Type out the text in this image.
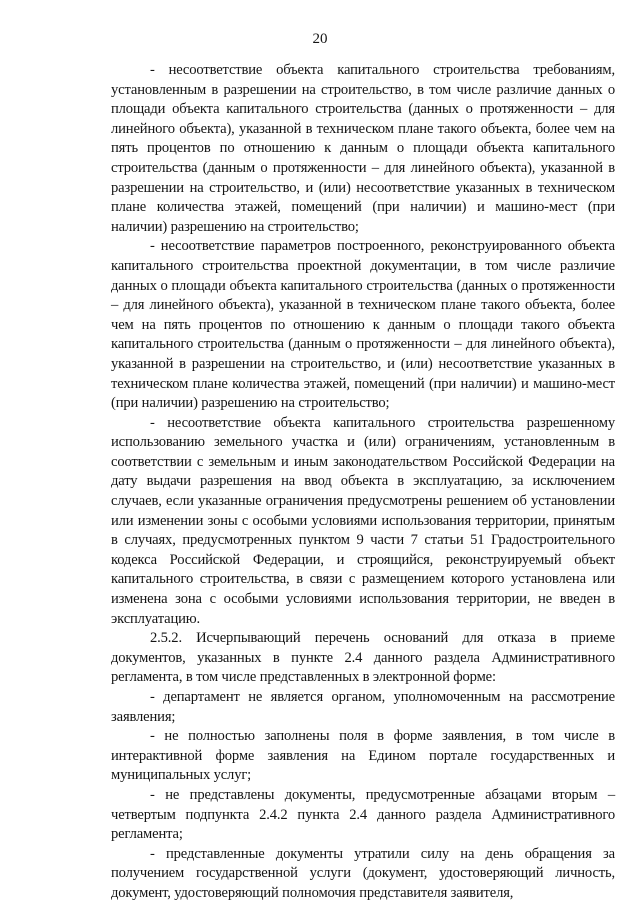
20

- несоответствие объекта капитального строительства требованиям, установленным в разрешении на строительство, в том числе различие данных о площади объекта капитального строительства (данных о протяженности – для линейного объекта), указанной в техническом плане такого объекта, более чем на пять процентов по отношению к данным о площади объекта капитального строительства (данным о протяженности – для линейного объекта), указанной в разрешении на строительство, и (или) несоответствие указанных в техническом плане количества этажей, помещений (при наличии) и машино-мест (при наличии) разрешению на строительство;

- несоответствие параметров построенного, реконструированного объекта капитального строительства проектной документации, в том числе различие данных о площади объекта капитального строительства (данных о протяженности – для линейного объекта), указанной в техническом плане такого объекта, более чем на пять процентов по отношению к данным о площади такого объекта капитального строительства (данным о протяженности – для линейного объекта), указанной в разрешении на строительство, и (или) несоответствие указанных в техническом плане количества этажей, помещений (при наличии) и машино-мест (при наличии) разрешению на строительство;

- несоответствие объекта капитального строительства разрешенному использованию земельного участка и (или) ограничениям, установленным в соответствии с земельным и иным законодательством Российской Федерации на дату выдачи разрешения на ввод объекта в эксплуатацию, за исключением случаев, если указанные ограничения предусмотрены решением об установлении или изменении зоны с особыми условиями использования территории, принятым в случаях, предусмотренных пунктом 9 части 7 статьи 51 Градостроительного кодекса Российской Федерации, и строящийся, реконструируемый объект капитального строительства, в связи с размещением которого установлена или изменена зона с особыми условиями использования территории, не введен в эксплуатацию.

2.5.2. Исчерпывающий перечень оснований для отказа в приеме документов, указанных в пункте 2.4 данного раздела Административного регламента, в том числе представленных в электронной форме:

- департамент не является органом, уполномоченным на рассмотрение заявления;

- не полностью заполнены поля в форме заявления, в том числе в интерактивной форме заявления на Едином портале государственных и муниципальных услуг;

- не представлены документы, предусмотренные абзацами вторым – четвертым подпункта 2.4.2 пункта 2.4 данного раздела Административного регламента;

- представленные документы утратили силу на день обращения за получением государственной услуги (документ, удостоверяющий личность, документ, удостоверяющий полномочия представителя заявителя,
